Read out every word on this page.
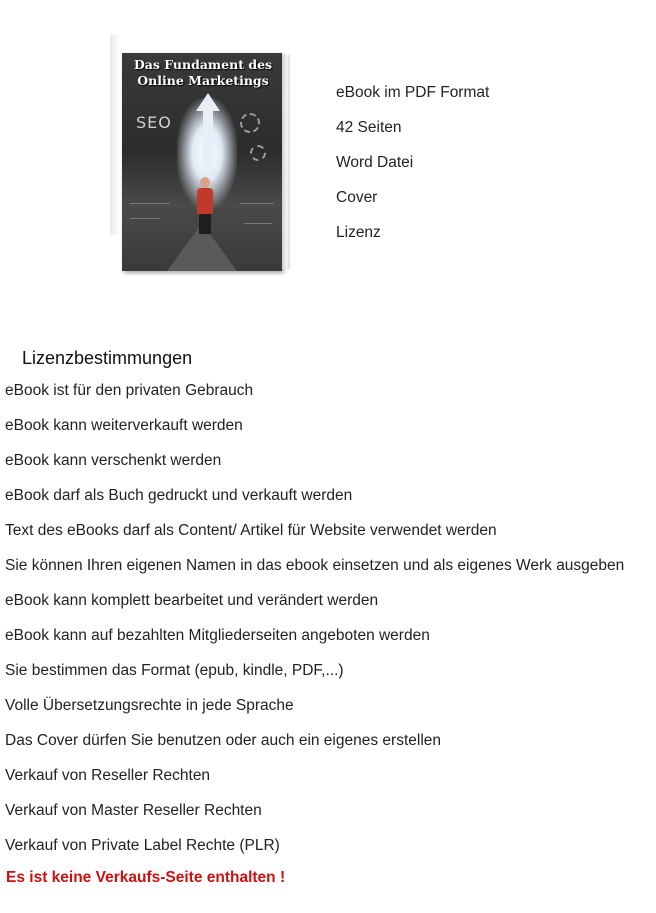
Das Fundament des Online Marketings
SEO
eBook im PDF Format
42 Seiten
Word Datei
Cover
Lizenz
Lizenzbestimmungen
eBook ist für den privaten Gebrauch
eBook kann weiterverkauft werden
eBook kann verschenkt werden
eBook darf als Buch gedruckt und verkauft werden
Text des eBooks darf als Content/ Artikel für Website verwendet werden
Sie können Ihren eigenen Namen in das ebook einsetzen und als eigenes Werk ausgeben
eBook kann komplett bearbeitet und verändert werden
eBook kann auf bezahlten Mitgliederseiten angeboten werden
Sie bestimmen das Format (epub, kindle, PDF,...)
Volle Übersetzungsrechte in jede Sprache
Das Cover dürfen Sie benutzen oder auch ein eigenes erstellen
Verkauf von Reseller Rechten
Verkauf von Master Reseller Rechten
Verkauf von Private Label Rechte (PLR)

Es ist keine Verkaufs-Seite enthalten !
